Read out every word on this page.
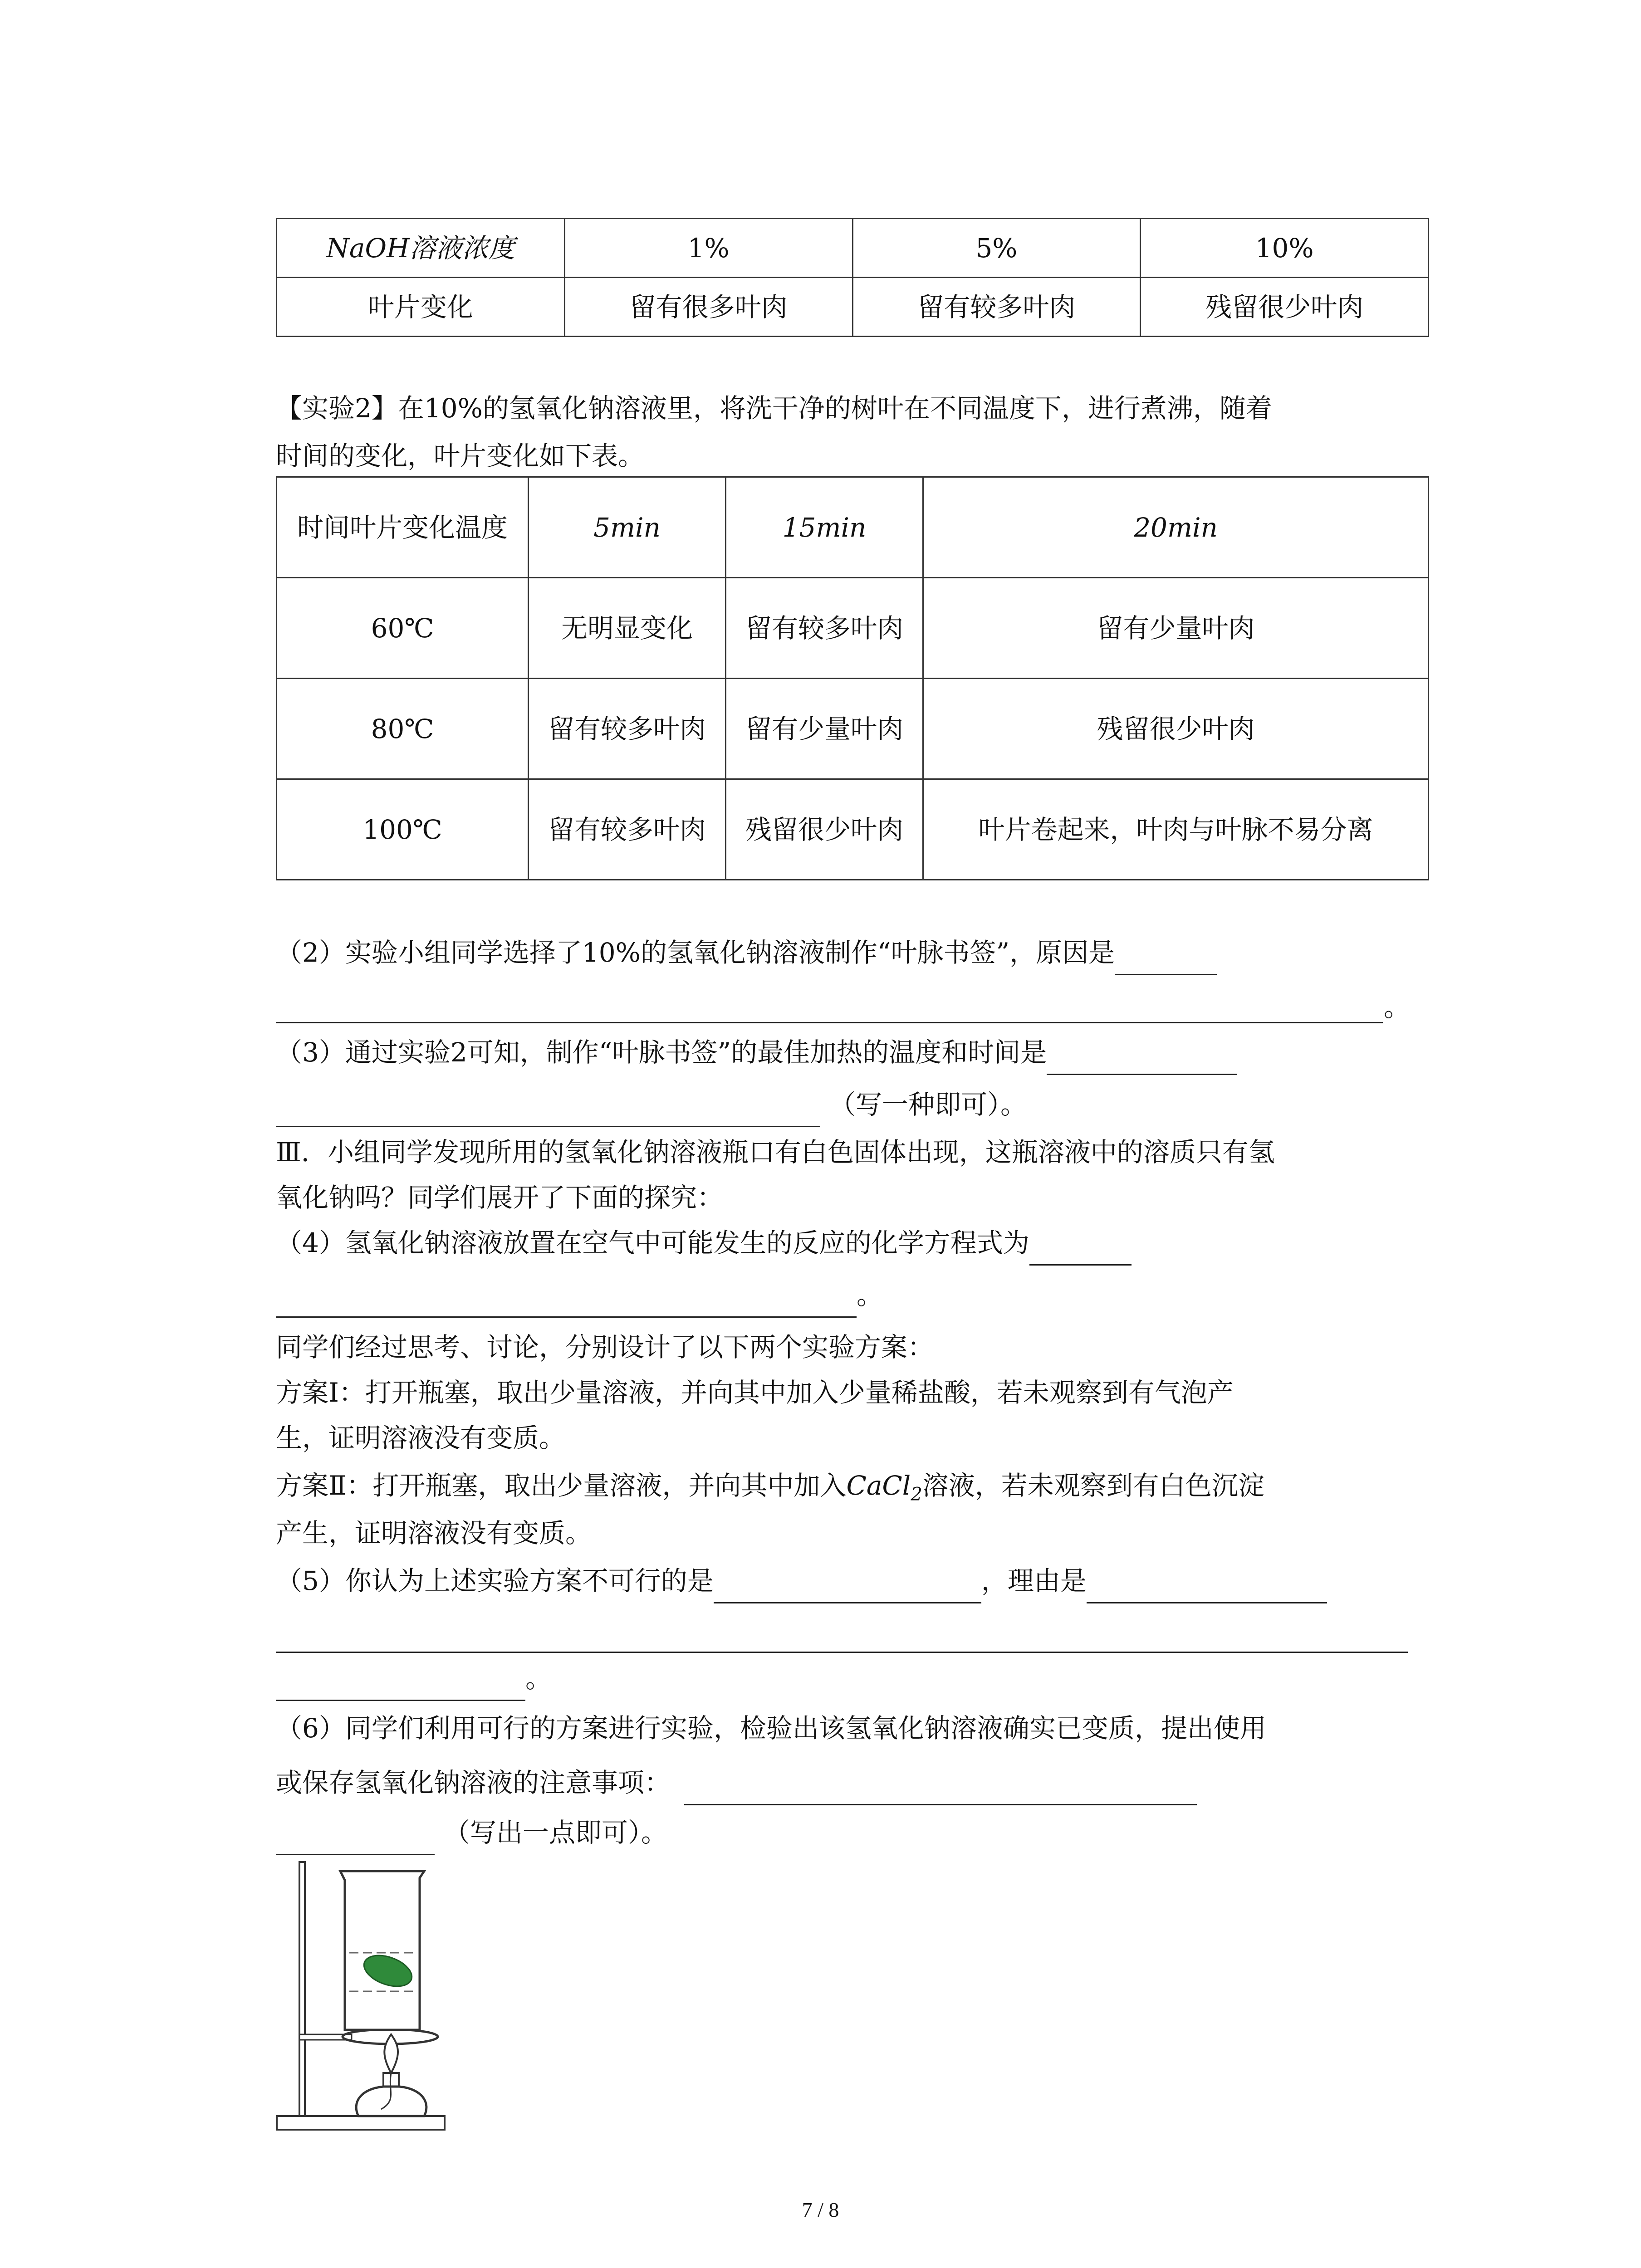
NaOH溶液浓度	1%	5%	10%
叶片变化	留有很多叶肉	留有较多叶肉	残留很少叶肉
【实验2】在10%的氢氧化钠溶液里，将洗干净的树叶在不同温度下，进行煮沸，随着
时间的变化，叶片变化如下表。
时间叶片变化温度	5min	15min	20min
60℃	无明显变化	留有较多叶肉	留有少量叶肉
80℃	留有较多叶肉	留有少量叶肉	残留很少叶肉
100℃	留有较多叶肉	残留很少叶肉	叶片卷起来，叶肉与叶脉不易分离
（2）实验小组同学选择了10%的氢氧化钠溶液制作“叶脉书签”，原因是
。
（3）通过实验2可知，制作“叶脉书签”的最佳加热的温度和时间是
（写一种即可）。
Ⅲ．小组同学发现所用的氢氧化钠溶液瓶口有白色固体出现，这瓶溶液中的溶质只有氢
氧化钠吗？同学们展开了下面的探究：
（4）氢氧化钠溶液放置在空气中可能发生的反应的化学方程式为
。
同学们经过思考、讨论，分别设计了以下两个实验方案：
方案Ⅰ：打开瓶塞，取出少量溶液，并向其中加入少量稀盐酸，若未观察到有气泡产
生，证明溶液没有变质。
方案Ⅱ：打开瓶塞，取出少量溶液，并向其中加入CaCl$_2$溶液，若未观察到有白色沉淀
产生，证明溶液没有变质。
（5）你认为上述实验方案不可行的是	，理由是
。
（6）同学们利用可行的方案进行实验，检验出该氢氧化钠溶液确实已变质，提出使用
或保存氢氧化钠溶液的注意事项：
（写出一点即可）。
7 / 8
